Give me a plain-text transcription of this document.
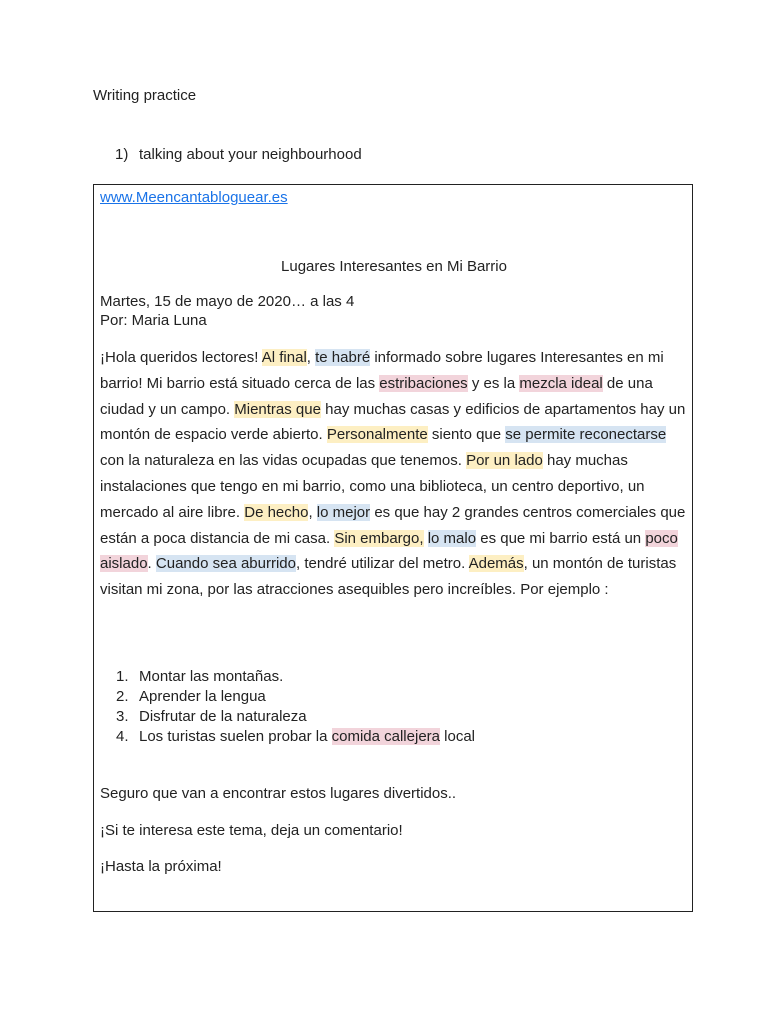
Writing practice
1) talking about your neighbourhood
www.Meencantabloguear.es
Lugares Interesantes en Mi Barrio
Martes, 15 de mayo de 2020… a las 4
Por: Maria Luna
¡Hola queridos lectores! Al final, te habré informado sobre lugares Interesantes en mi barrio! Mi barrio está situado cerca de las estribaciones y es la mezcla ideal de una ciudad y un campo. Mientras que hay muchas casas y edificios de apartamentos hay un montón de espacio verde abierto. Personalmente siento que se permite reconectarse con la naturaleza en las vidas ocupadas que tenemos. Por un lado hay muchas instalaciones que tengo en mi barrio, como una biblioteca, un centro deportivo, un mercado al aire libre. De hecho, lo mejor es que hay 2 grandes centros comerciales que están a poca distancia de mi casa. Sin embargo, lo malo es que mi barrio está un poco aislado. Cuando sea aburrido, tendré utilizar del metro. Además, un montón de turistas visitan mi zona, por las atracciones asequibles pero increíbles. Por ejemplo :
1. Montar las montañas.
2. Aprender la lengua
3. Disfrutar de la naturaleza
4. Los turistas suelen probar la comida callejera local
Seguro que van a encontrar estos lugares divertidos..
¡Si te interesa este tema, deja un comentario!
¡Hasta la próxima!
